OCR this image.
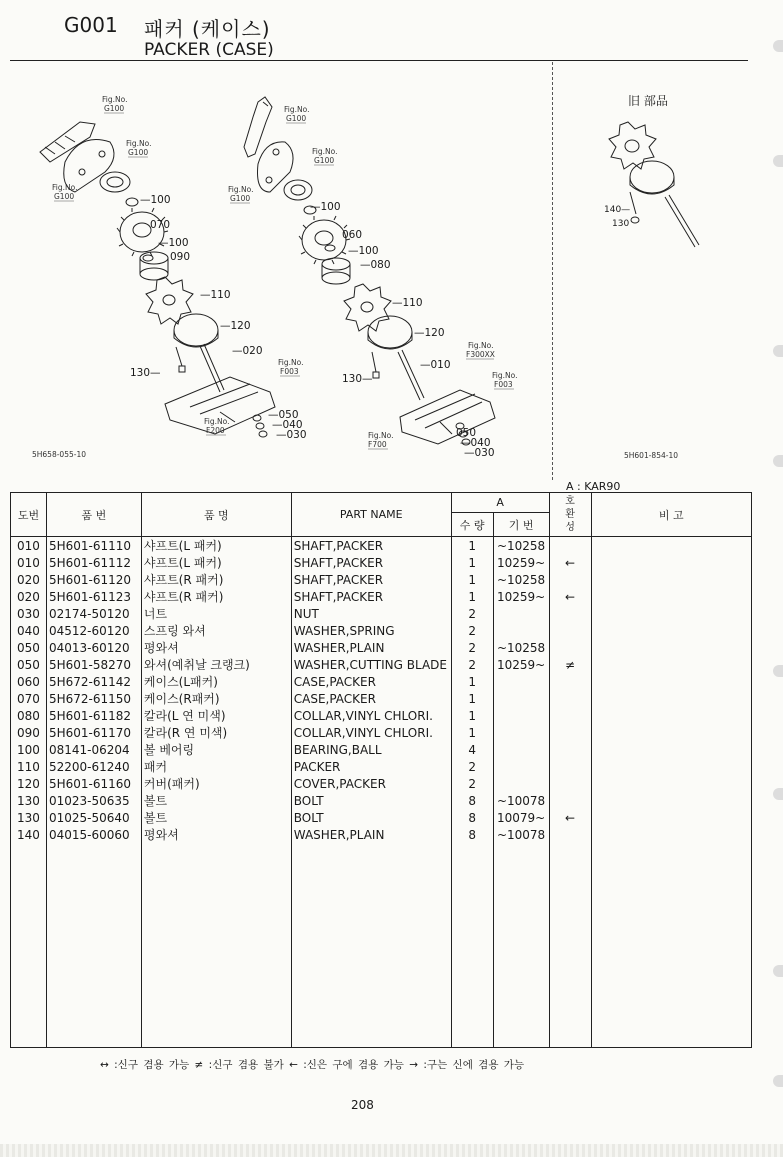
G001 패커 (케이스)
PACKER (CASE)
Fig.No.
G100
Fig.No.
G100
Fig.No.
G100
Fig.No.
G100
Fig.No.
G100
Fig.No.
G100
Fig.No.
F003
Fig.No.
F200
Fig.No.
F300XX
Fig.No.
F003
Fig.No.
F700
—100
070
—100
090
—110
—120
—020
130—
—050
—040
—030
—100
060
—100
—080
—110
—120
—010
130—
050
—040
—030
140—
130
5H658-055-10	5H601-854-10
旧 部品
A : KAR90
도번	품 번	품 명	PART NAME	A		호 환 성	비 고
				수 량	기 번		
010	5H601-61110	샤프트(L 패커)	SHAFT,PACKER	1	~10258		
010	5H601-61112	샤프트(L 패커)	SHAFT,PACKER	1	10259~	←	
020	5H601-61120	샤프트(R 패커)	SHAFT,PACKER	1	~10258		
020	5H601-61123	샤프트(R 패커)	SHAFT,PACKER	1	10259~	←	
030	02174-50120	너트	NUT	2			
040	04512-60120	스프링 와셔	WASHER,SPRING	2			
050	04013-60120	평와셔	WASHER,PLAIN	2	~10258		
050	5H601-58270	와셔(예취날 크랭크)	WASHER,CUTTING BLADE	2	10259~	≠	
060	5H672-61142	케이스(L패커)	CASE,PACKER	1			
070	5H672-61150	케이스(R패커)	CASE,PACKER	1			
080	5H601-61182	칼라(L 연 미색)	COLLAR,VINYL CHLORI.	1			
090	5H601-61170	칼라(R 연 미색)	COLLAR,VINYL CHLORI.	1			
100	08141-06204	볼 베어링	BEARING,BALL	4			
110	52200-61240	패커	PACKER	2			
120	5H601-61160	커버(패커)	COVER,PACKER	2			
130	01023-50635	볼트	BOLT	8	~10078		
130	01025-50640	볼트	BOLT	8	10079~	←	
140	04015-60060	평와셔	WASHER,PLAIN	8	~10078		

↔ :신구 겸용 가능 ≠ :신구 겸용 불가 ← :신은 구에 겸용 가능 → :구는 신에 겸용 가능
208
